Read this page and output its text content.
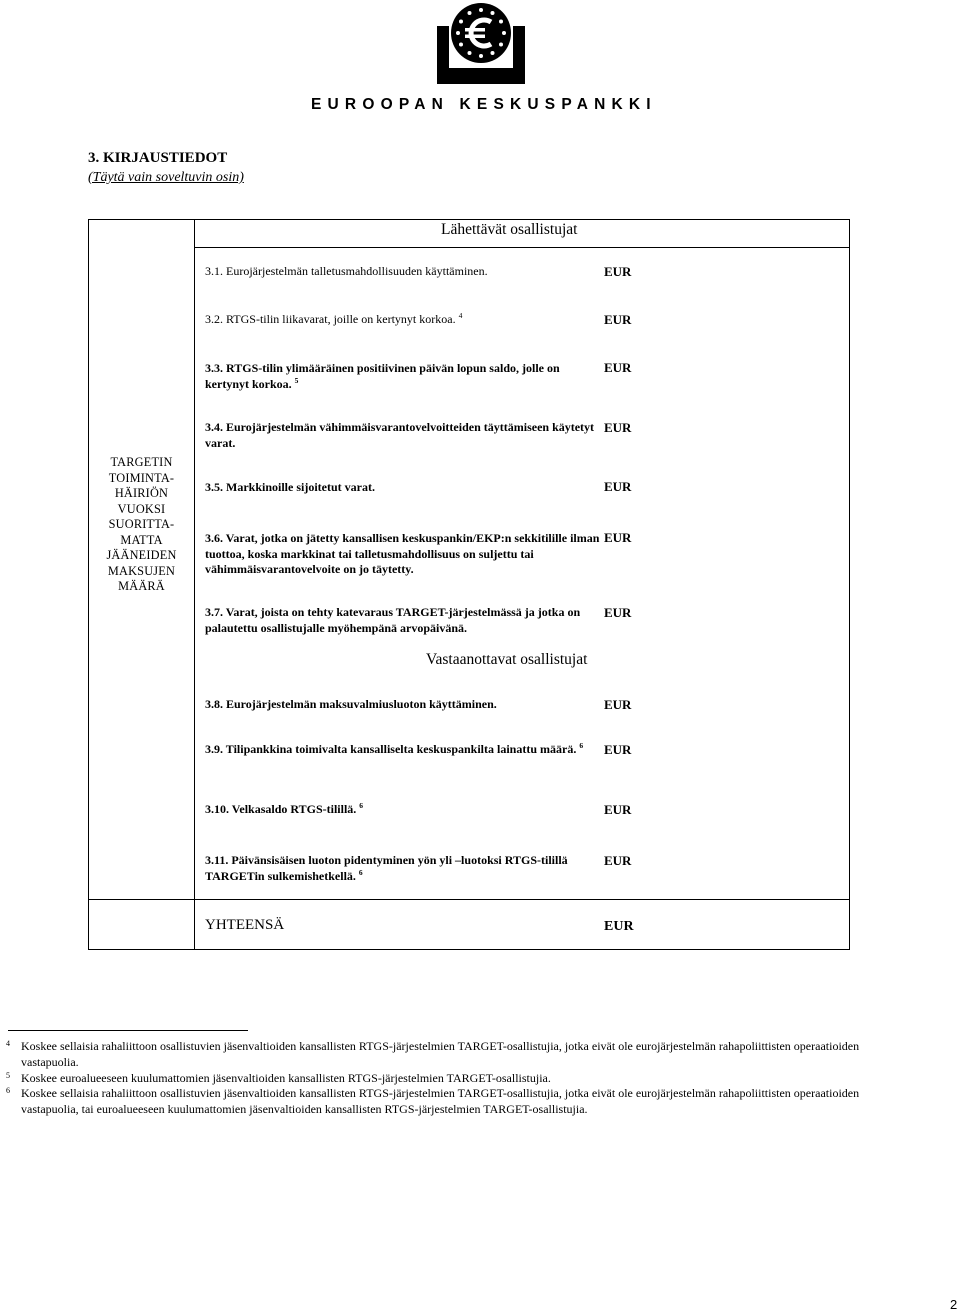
EUROOPAN KESKUSPANKKI
3. KIRJAUSTIEDOT
(Täytä vain soveltuvin osin)
TARGETIN
TOIMINTA-
HÄIRIÖN
VUOKSI
SUORITTA-
MATTA
JÄÄNEIDEN
MAKSUJEN
MÄÄRÄ
Lähettävät osallistujat
3.1. Eurojärjestelmän talletusmahdollisuuden käyttäminen.	EUR
3.2. RTGS-tilin liikavarat, joille on kertynyt korkoa. $^4$	EUR
3.3. RTGS-tilin ylimääräinen positiivinen päivän lopun saldo, jolle on kertynyt korkoa. $^5$
EUR
3.4. Eurojärjestelmän vähimmäisvarantovelvoitteiden täyttämiseen käytetyt varat.
EUR
3.5. Markkinoille sijoitetut varat.	EUR
3.6. Varat, jotka on jätetty kansallisen keskuspankin/EKP:n sekkitilille ilman tuottoa, koska markkinat tai talletusmahdollisuus on suljettu tai vähimmäisvarantovelvoite on jo täytetty.
EUR
3.7. Varat, joista on tehty katevaraus TARGET-järjestelmässä ja jotka on palautettu osallistujalle myöhempänä arvopäivänä.
EUR
Vastaanottavat osallistujat
3.8. Eurojärjestelmän maksuvalmiusluoton käyttäminen.	EUR
3.9. Tilipankkina toimivalta kansalliselta keskuspankilta lainattu määrä. $^6$	EUR
3.10. Velkasaldo RTGS-tilillä. $^6$	EUR
3.11. Päivänsisäisen luoton pidentyminen yön yli –luotoksi RTGS-tilillä TARGETin sulkemishetkellä. $^6$
EUR
YHTEENSÄ	EUR
4 Koskee sellaisia rahaliittoon osallistuvien jäsenvaltioiden kansallisten RTGS-järjestelmien TARGET-osallistujia, jotka eivät ole eurojärjestelmän rahapoliittisten operaatioiden vastapuolia.
5 Koskee euroalueeseen kuulumattomien jäsenvaltioiden kansallisten RTGS-järjestelmien TARGET-osallistujia.
6 Koskee sellaisia rahaliittoon osallistuvien jäsenvaltioiden kansallisten RTGS-järjestelmien TARGET-osallistujia, jotka eivät ole eurojärjestelmän rahapoliittisten operaatioiden vastapuolia, tai euroalueeseen kuulumattomien jäsenvaltioiden kansallisten RTGS-järjestelmien TARGET-osallistujia.
2
